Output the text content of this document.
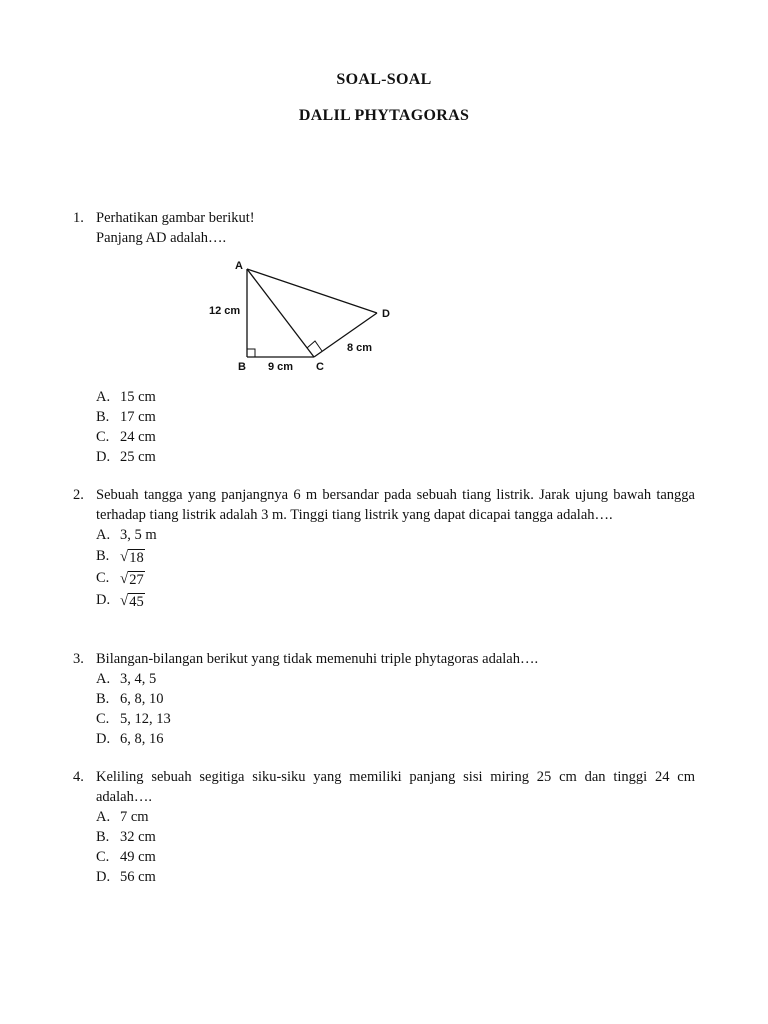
SOAL-SOAL
DALIL PHYTAGORAS
1. Perhatikan gambar berikut!

Panjang AD adalah….

A
B	C
D
12 cm
9 cm
8 cm
A. 15 cm
B. 17 cm
C. 24 cm
D. 25 cm
2. Sebuah tangga yang panjangnya 6 m bersandar pada sebuah tiang listrik. Jarak ujung bawah tangga terhadap tiang listrik adalah 3 m. Tinggi tiang listrik yang dapat dicapai tangga adalah….
A. 3, 5 m
B. √ 18
C. √ 27
D. √ 45
3. Bilangan-bilangan berikut yang tidak memenuhi triple phytagoras adalah….
A. 3, 4, 5
B. 6, 8, 10
C. 5, 12, 13
D. 6, 8, 16
4. Keliling sebuah segitiga siku-siku yang memiliki panjang sisi miring 25 cm dan tinggi 24 cm adalah….
A. 7 cm
B. 32 cm
C. 49 cm
D. 56 cm
